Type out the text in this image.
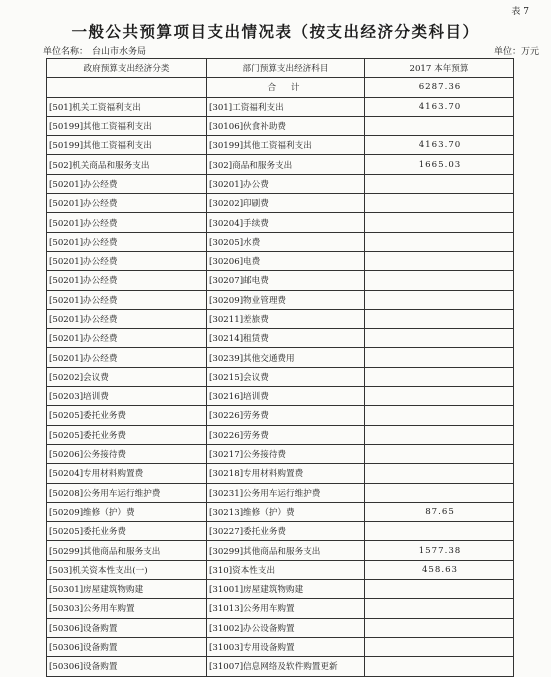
表 7
一般公共预算项目支出情况表（按支出经济分类科目）
单位名称： 台山市水务局	单位：万元
政府预算支出经济分类	部门预算支出经济科目	2017 本年预算
	合 计	6287.36
[501]机关工资福利支出	[301]工资福利支出	4163.70
[50199]其他工资福利支出	[30106]伙食补助费	
[50199]其他工资福利支出	[30199]其他工资福利支出	4163.70
[502]机关商品和服务支出	[302]商品和服务支出	1665.03
[50201]办公经费	[30201]办公费	
[50201]办公经费	[30202]印刷费	
[50201]办公经费	[30204]手续费	
[50201]办公经费	[30205]水费	
[50201]办公经费	[30206]电费	
[50201]办公经费	[30207]邮电费	
[50201]办公经费	[30209]物业管理费	
[50201]办公经费	[30211]差旅费	
[50201]办公经费	[30214]租赁费	
[50201]办公经费	[30239]其他交通费用	
[50202]会议费	[30215]会议费	
[50203]培训费	[30216]培训费	
[50205]委托业务费	[30226]劳务费	
[50205]委托业务费	[30226]劳务费	
[50206]公务接待费	[30217]公务接待费	
[50204]专用材料购置费	[30218]专用材料购置费	
[50208]公务用车运行维护费	[30231]公务用车运行维护费	
[50209]维修（护）费	[30213]维修（护）费	87.65
[50205]委托业务费	[30227]委托业务费	
[50299]其他商品和服务支出	[30299]其他商品和服务支出	1577.38
[503]机关资本性支出(一)	[310]资本性支出	458.63
[50301]房屋建筑物购建	[31001]房屋建筑物购建	
[50303]公务用车购置	[31013]公务用车购置	
[50306]设备购置	[31002]办公设备购置	
[50306]设备购置	[31003]专用设备购置	
[50306]设备购置	[31007]信息网络及软件购置更新	
